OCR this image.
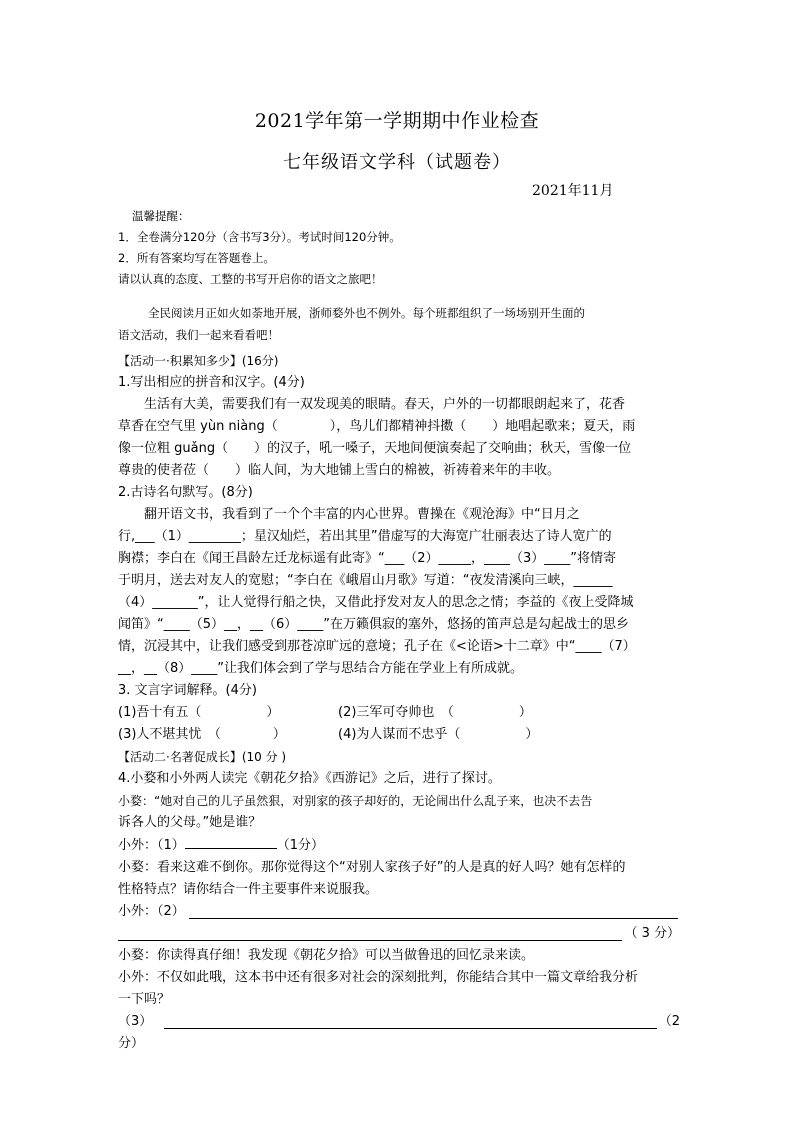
2021学年第一学期期中作业检查
七年级语文学科（试题卷）
2021年11月
温馨提醒：
1．全卷满分120分（含书写3分）。考试时间120分钟。
2．所有答案均写在答题卷上。
请以认真的态度、工整的书写开启你的语文之旅吧！
全民阅读月正如火如荼地开展，浙师婺外也不例外。每个班都组织了一场场别开生面的
语文活动，我们一起来看看吧！
【活动一·积累知多少】(16分)
1.写出相应的拼音和汉字。(4分)
生活有大美，需要我们有一双发现美的眼睛。春天，户外的一切都眼朗起来了，花香
草香在空气里 yùn niàng（　　　　），鸟儿们都精神抖擞（　　）地唱起歌来；夏天，雨
像一位粗 guǎng（　　）的汉子，吼一嗓子，天地间便演奏起了交响曲；秋天，雪像一位
尊贵的使者莅（　　）临人间，为大地铺上雪白的棉被，祈祷着来年的丰收。
2.古诗名句默写。(8分)
翻开语文书，我看到了一个个丰富的内心世界。曹操在《观沧海》中“日月之
行,___（1）________；星汉灿烂，若出其里”借虚写的大海宽广壮丽表达了诗人宽广的
胸襟；李白在《闻王昌龄左迁龙标遥有此寄》“___（2）_____，____（3）____”将情寄
于明月，送去对友人的宽慰；“李白在《峨眉山月歌》写道：“夜发清溪向三峡，______
（4）_______”，让人觉得行船之快，又借此抒发对友人的思念之情；李益的《夜上受降城
闻笛》“____（5）__，__（6）____”在万籁俱寂的塞外，悠扬的笛声总是勾起战士的思乡
情，沉浸其中，让我们感受到那苍凉旷远的意境；孔子在《<论语>十二章》中“____（7）
__，__（8）____”让我们体会到了学与思结合方能在学业上有所成就。
3. 文言字词解释。(4分)
(1)吾十有五（　　　　　）	(2)三军可夺帅也　（　　　　　）
(3)人不堪其忧　（　　　　）	(4)为人谋而不忠乎（　　　　　）
【活动二·名著促成长】(10 分 )
4.小婺和小外两人读完《朝花夕拾》《西游记》之后，进行了探讨。
小婺：“她对自己的儿子虽然狠，对别家的孩子却好的，无论闹出什么乱子来，也决不去告
诉各人的父母。”她是谁？
小外：（1）	（1分）
小婺：看来这难不倒你。那你觉得这个“对别人家孩子好”的人是真的好人吗？她有怎样的
性格特点？请你结合一件主要事件来说服我。
小外：（2）
（ 3 分）
小婺：你读得真仔细！我发现《朝花夕拾》可以当做鲁迅的回忆录来读。
小外：不仅如此哦，这本书中还有很多对社会的深刻批判，你能结合其中一篇文章给我分析
一下吗？
（3）	（2
分）
